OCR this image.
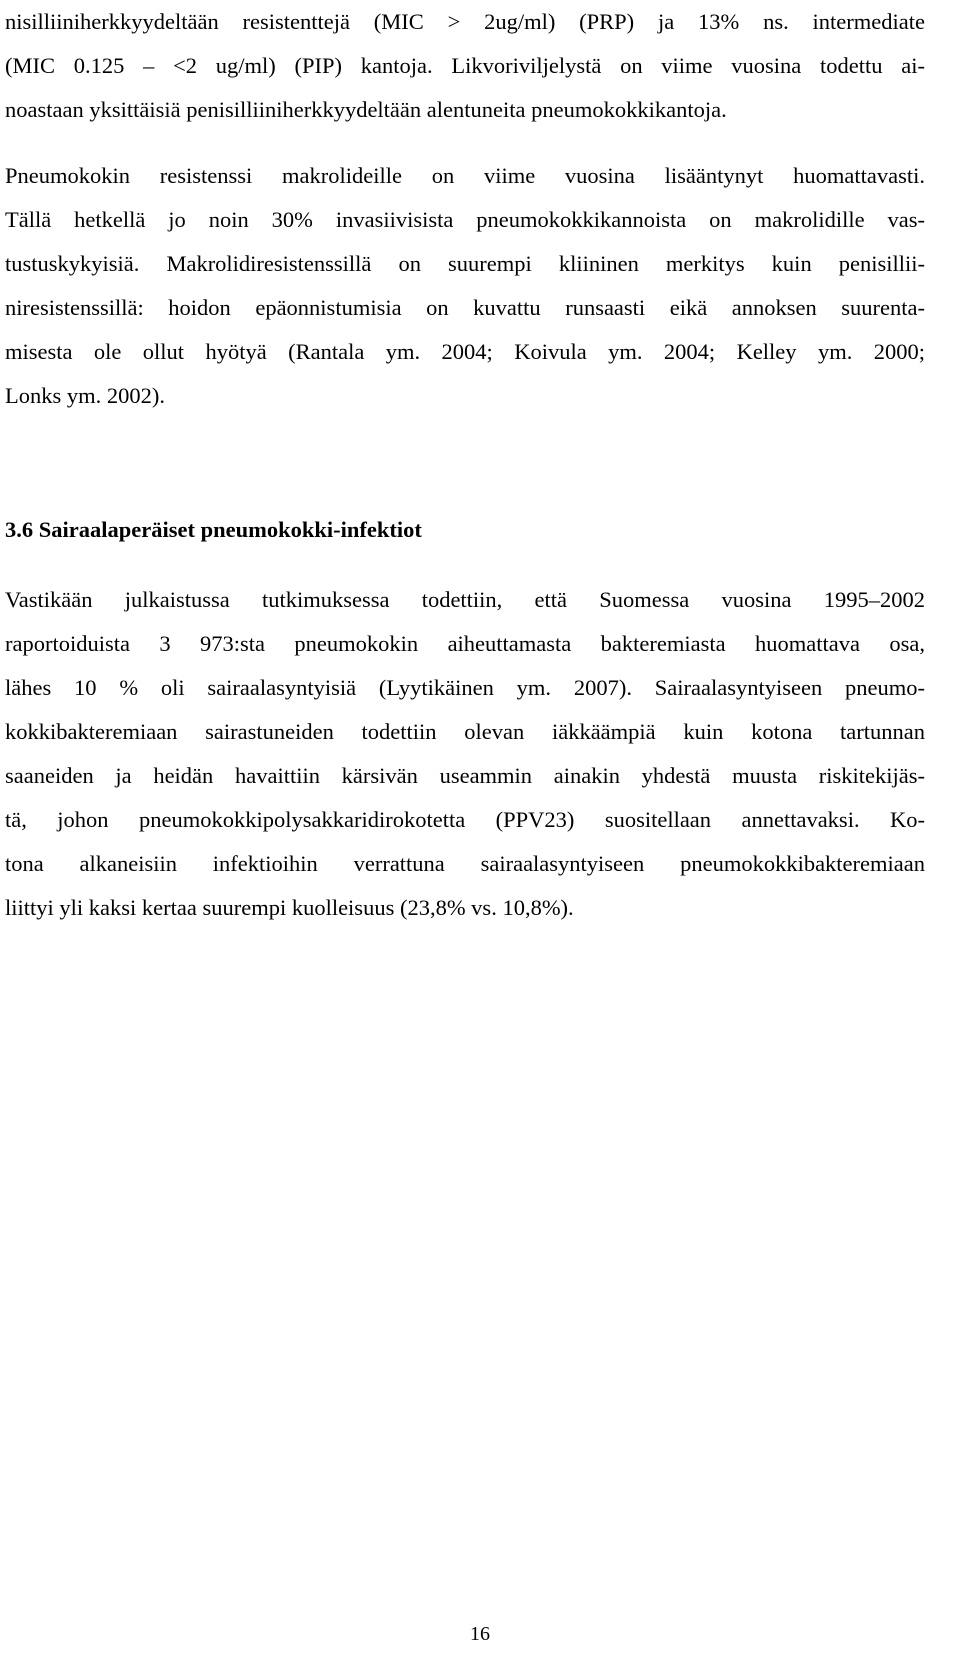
nisilliiniherkkyydeltään resistenttejä (MIC > 2ug/ml) (PRP) ja 13% ns. intermediate
(MIC 0.125 – <2 ug/ml) (PIP) kantoja. Likvoriviljelystä on viime vuosina todettu ai-
noastaan yksittäisiä penisilliiniherkkyydeltään alentuneita pneumokokkikantoja.

Pneumokokin resistenssi makrolideille on viime vuosina lisääntynyt huomattavasti.
Tällä hetkellä jo noin 30% invasiivisista pneumokokkikannoista on makrolidille vas-
tustuskykyisiä. Makrolidiresistenssillä on suurempi kliininen merkitys kuin penisillii-
niresistenssillä: hoidon epäonnistumisia on kuvattu runsaasti eikä annoksen suurenta-
misesta ole ollut hyötyä (Rantala ym. 2004; Koivula ym. 2004; Kelley ym. 2000;
Lonks ym. 2002).

3.6 Sairaalaperäiset pneumokokki-infektiot

Vastikään julkaistussa tutkimuksessa todettiin, että Suomessa vuosina 1995–2002
raportoiduista 3 973:sta pneumokokin aiheuttamasta bakteremiasta huomattava osa,
lähes 10 % oli sairaalasyntyisiä (Lyytikäinen ym. 2007). Sairaalasyntyiseen pneumo-
kokkibakteremiaan sairastuneiden todettiin olevan iäkkäämpiä kuin kotona tartunnan
saaneiden ja heidän havaittiin kärsivän useammin ainakin yhdestä muusta riskitekijäs-
tä, johon pneumokokkipolysakkaridirokotetta (PPV23) suositellaan annettavaksi. Ko-
tona alkaneisiin infektioihin verrattuna sairaalasyntyiseen pneumokokkibakteremiaan
liittyi yli kaksi kertaa suurempi kuolleisuus (23,8% vs. 10,8%).

16
